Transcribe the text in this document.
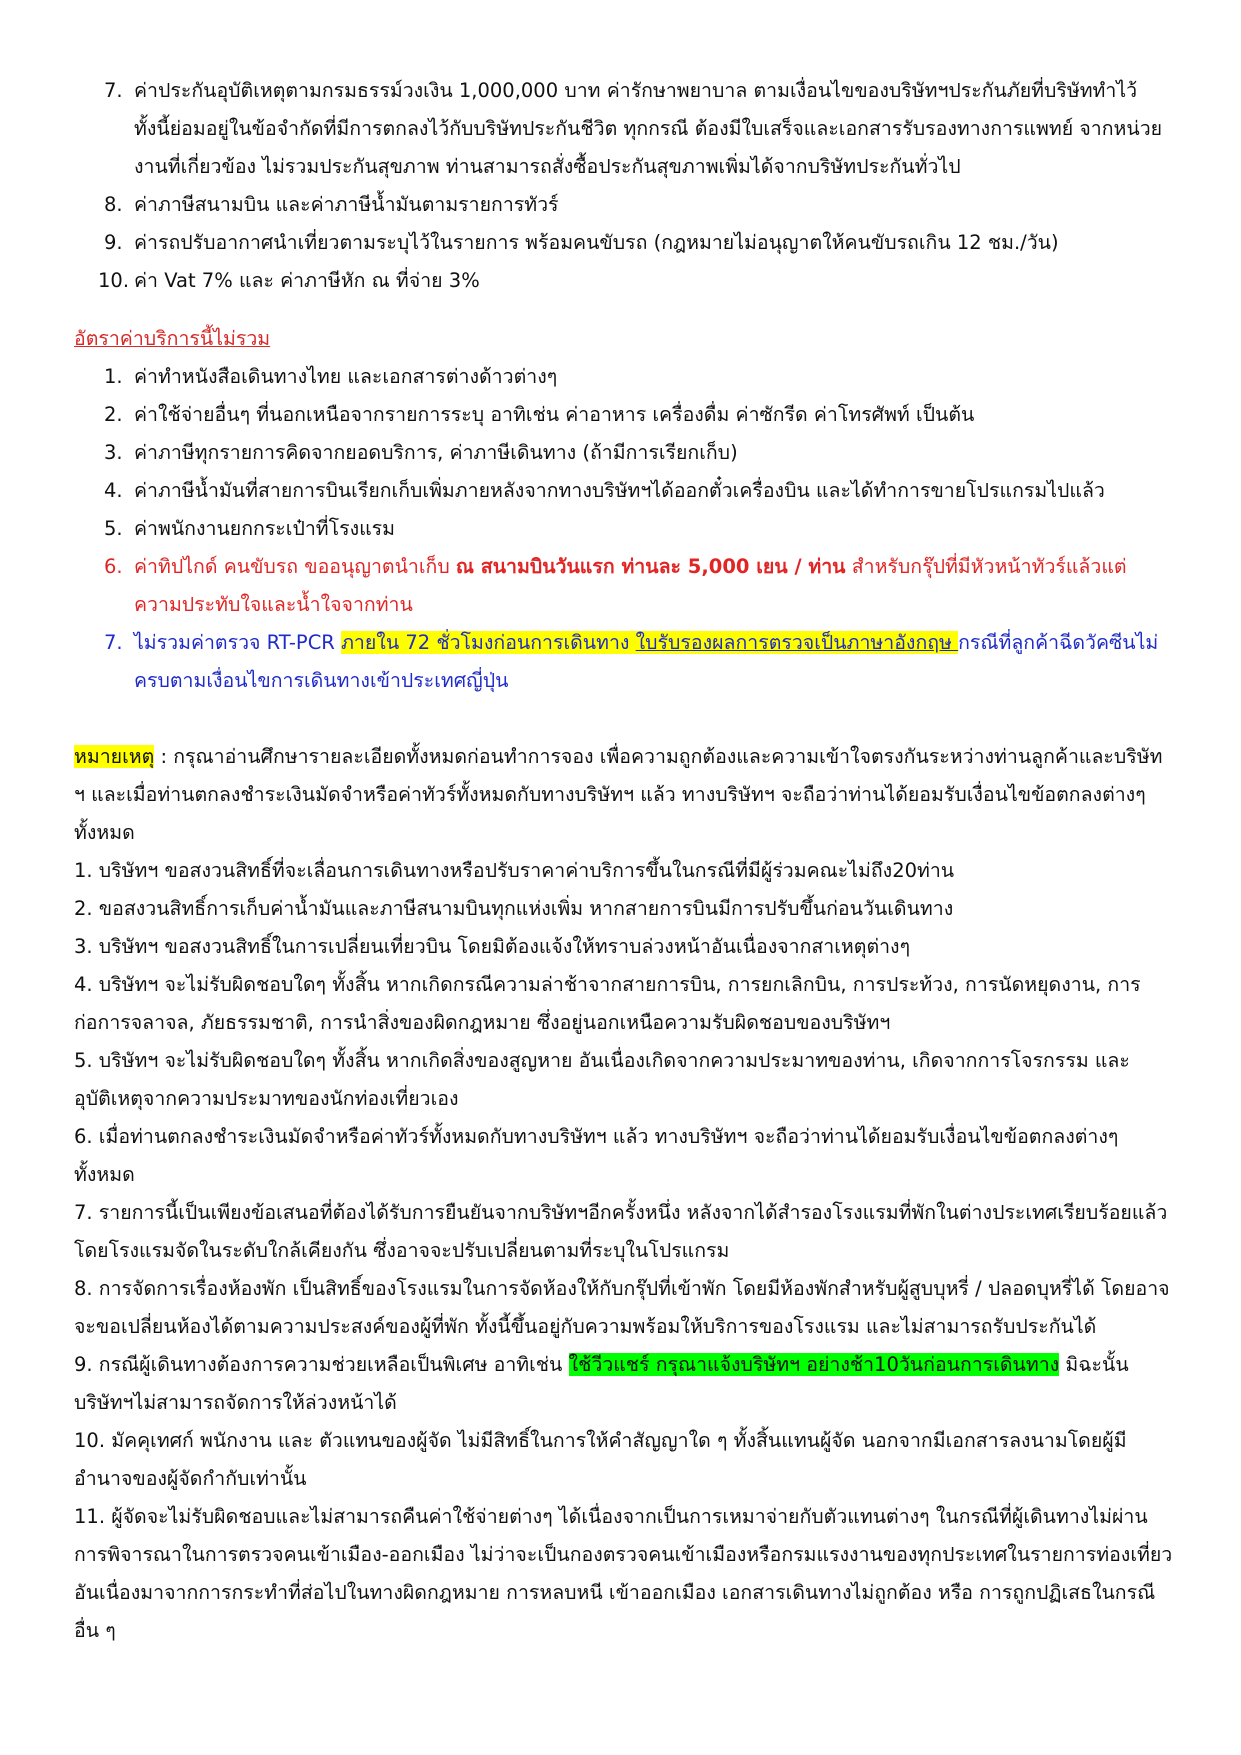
7. ค่าประกันอุบัติเหตุตามกรมธรรม์วงเงิน 1,000,000 บาท ค่ารักษาพยาบาล ตามเงื่อนไขของบริษัทฯประกันภัยที่บริษัททำไว้ ทั้งนี้ย่อมอยู่ในข้อจำกัดที่มีการตกลงไว้กับบริษัทประกันชีวิต ทุกกรณี ต้องมีใบเสร็จและเอกสารรับรองทางการแพทย์ จากหน่วยงานที่เกี่ยวข้อง ไม่รวมประกันสุขภาพ ท่านสามารถสั่งซื้อประกันสุขภาพเพิ่มได้จากบริษัทประกันทั่วไป
8. ค่าภาษีสนามบิน และค่าภาษีน้ำมันตามรายการทัวร์
9. ค่ารถปรับอากาศนำเที่ยวตามระบุไว้ในรายการ พร้อมคนขับรถ (กฎหมายไม่อนุญาตให้คนขับรถเกิน 12 ชม./วัน)
10. ค่า Vat 7% และ ค่าภาษีหัก ณ ที่จ่าย 3%
อัตราค่าบริการนี้ไม่รวม
1. ค่าทำหนังสือเดินทางไทย และเอกสารต่างด้าวต่างๆ
2. ค่าใช้จ่ายอื่นๆ ที่นอกเหนือจากรายการระบุ อาทิเช่น ค่าอาหาร เครื่องดื่ม ค่าซักรีด ค่าโทรศัพท์ เป็นต้น
3. ค่าภาษีทุกรายการคิดจากยอดบริการ, ค่าภาษีเดินทาง (ถ้ามีการเรียกเก็บ)
4. ค่าภาษีน้ำมันที่สายการบินเรียกเก็บเพิ่มภายหลังจากทางบริษัทฯได้ออกตั๋วเครื่องบิน และได้ทำการขายโปรแกรมไปแล้ว
5. ค่าพนักงานยกกระเป๋าที่โรงแรม
6. ค่าทิปไกด์ คนขับรถ ขออนุญาตนำเก็บ ณ สนามบินวันแรก ท่านละ 5,000 เยน / ท่าน สำหรับกรุ๊ปที่มีหัวหน้าทัวร์แล้วแต่ความประทับใจและน้ำใจจากท่าน
7. ไม่รวมค่าตรวจ RT-PCR ภายใน 72 ชั่วโมงก่อนการเดินทาง ใบรับรองผลการตรวจเป็นภาษาอังกฤษ กรณีที่ลูกค้าฉีดวัคซีนไม่ครบตามเงื่อนไขการเดินทางเข้าประเทศญี่ปุ่น

หมายเหตุ : กรุณาอ่านศึกษารายละเอียดทั้งหมดก่อนทำการจอง เพื่อความถูกต้องและความเข้าใจตรงกันระหว่างท่านลูกค้าและบริษัท ฯ และเมื่อท่านตกลงชำระเงินมัดจำหรือค่าทัวร์ทั้งหมดกับทางบริษัทฯ แล้ว ทางบริษัทฯ จะถือว่าท่านได้ยอมรับเงื่อนไขข้อตกลงต่างๆ ทั้งหมด

1. บริษัทฯ ขอสงวนสิทธิ์ที่จะเลื่อนการเดินทางหรือปรับราคาค่าบริการขึ้นในกรณีที่มีผู้ร่วมคณะไม่ถึง20ท่าน

2. ขอสงวนสิทธิ์การเก็บค่าน้ำมันและภาษีสนามบินทุกแห่งเพิ่ม หากสายการบินมีการปรับขึ้นก่อนวันเดินทาง

3. บริษัทฯ ขอสงวนสิทธิ์ในการเปลี่ยนเที่ยวบิน โดยมิต้องแจ้งให้ทราบล่วงหน้าอันเนื่องจากสาเหตุต่างๆ

4. บริษัทฯ จะไม่รับผิดชอบใดๆ ทั้งสิ้น หากเกิดกรณีความล่าช้าจากสายการบิน, การยกเลิกบิน, การประท้วง, การนัดหยุดงาน, การก่อการจลาจล, ภัยธรรมชาติ, การนำสิ่งของผิดกฎหมาย ซึ่งอยู่นอกเหนือความรับผิดชอบของบริษัทฯ

5. บริษัทฯ จะไม่รับผิดชอบใดๆ ทั้งสิ้น หากเกิดสิ่งของสูญหาย อันเนื่องเกิดจากความประมาทของท่าน, เกิดจากการโจรกรรม และอุบัติเหตุจากความประมาทของนักท่องเที่ยวเอง

6. เมื่อท่านตกลงชำระเงินมัดจำหรือค่าทัวร์ทั้งหมดกับทางบริษัทฯ แล้ว ทางบริษัทฯ จะถือว่าท่านได้ยอมรับเงื่อนไขข้อตกลงต่างๆ ทั้งหมด

7. รายการนี้เป็นเพียงข้อเสนอที่ต้องได้รับการยืนยันจากบริษัทฯอีกครั้งหนึ่ง หลังจากได้สำรองโรงแรมที่พักในต่างประเทศเรียบร้อยแล้ว โดยโรงแรมจัดในระดับใกล้เคียงกัน ซึ่งอาจจะปรับเปลี่ยนตามที่ระบุในโปรแกรม

8. การจัดการเรื่องห้องพัก เป็นสิทธิ์ของโรงแรมในการจัดห้องให้กับกรุ๊ปที่เข้าพัก โดยมีห้องพักสำหรับผู้สูบบุหรี่ / ปลอดบุหรี่ได้ โดยอาจจะขอเปลี่ยนห้องได้ตามความประสงค์ของผู้ที่พัก ทั้งนี้ขึ้นอยู่กับความพร้อมให้บริการของโรงแรม และไม่สามารถรับประกันได้

9. กรณีผู้เดินทางต้องการความช่วยเหลือเป็นพิเศษ อาทิเช่น ใช้วีวแชร์ กรุณาแจ้งบริษัทฯ อย่างช้า10วันก่อนการเดินทาง มิฉะนั้นบริษัทฯไม่สามารถจัดการให้ล่วงหน้าได้

10. มัคคุเทศก์ พนักงาน และ ตัวแทนของผู้จัด ไม่มีสิทธิ์ในการให้คำสัญญาใด ๆ ทั้งสิ้นแทนผู้จัด นอกจากมีเอกสารลงนามโดยผู้มีอำนาจของผู้จัดกำกับเท่านั้น

11. ผู้จัดจะไม่รับผิดชอบและไม่สามารถคืนค่าใช้จ่ายต่างๆ ได้เนื่องจากเป็นการเหมาจ่ายกับตัวแทนต่างๆ ในกรณีที่ผู้เดินทางไม่ผ่านการพิจารณาในการตรวจคนเข้าเมือง-ออกเมือง ไม่ว่าจะเป็นกองตรวจคนเข้าเมืองหรือกรมแรงงานของทุกประเทศในรายการท่องเที่ยว อันเนื่องมาจากการกระทำที่ส่อไปในทางผิดกฎหมาย การหลบหนี เข้าออกเมือง เอกสารเดินทางไม่ถูกต้อง หรือ การถูกปฏิเสธในกรณีอื่น ๆ
